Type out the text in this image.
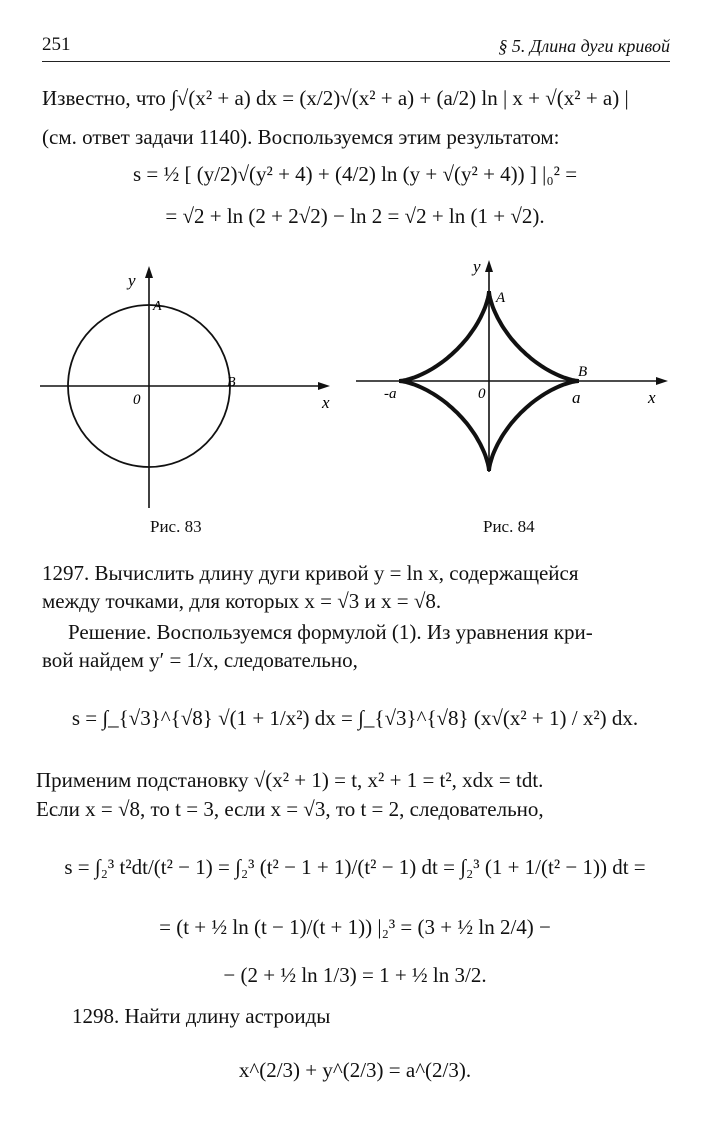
251	§ 5. Длина дуги кривой
Известно, что ∫√(x² + a) dx = (x/2)√(x² + a) + (a/2) ln | x + √(x² + a) |
(см. ответ задачи 1140). Воспользуемся этим результатом:
s = ½ [ (y/2)√(y² + 4) + (4/2) ln (y + √(y² + 4)) ] |₀² =
= √2 + ln (2 + 2√2) − ln 2 = √2 + ln (1 + √2).
y
A
B
0	x
Рис. 83
y
A
B
0
-a	a	x
Рис. 84
1297. Вычислить длину дуги кривой y = ln x, содержащейся
между точками, для которых x = √3 и x = √8.
Решение. Воспользуемся формулой (1). Из уравнения кри-
вой найдем y′ = 1/x, следовательно,
s = ∫_{√3}^{√8} √(1 + 1/x²) dx = ∫_{√3}^{√8} (x√(x² + 1) / x²) dx.
Применим подстановку √(x² + 1) = t, x² + 1 = t², xdx = tdt.
Если x = √8, то t = 3, если x = √3, то t = 2, следовательно,
s = ∫₂³ t²dt/(t² − 1) = ∫₂³ (t² − 1 + 1)/(t² − 1) dt = ∫₂³ (1 + 1/(t² − 1)) dt =
= (t + ½ ln (t − 1)/(t + 1)) |₂³ = (3 + ½ ln 2/4) −
− (2 + ½ ln 1/3) = 1 + ½ ln 3/2.
1298. Найти длину астроиды
x^(2/3) + y^(2/3) = a^(2/3).
